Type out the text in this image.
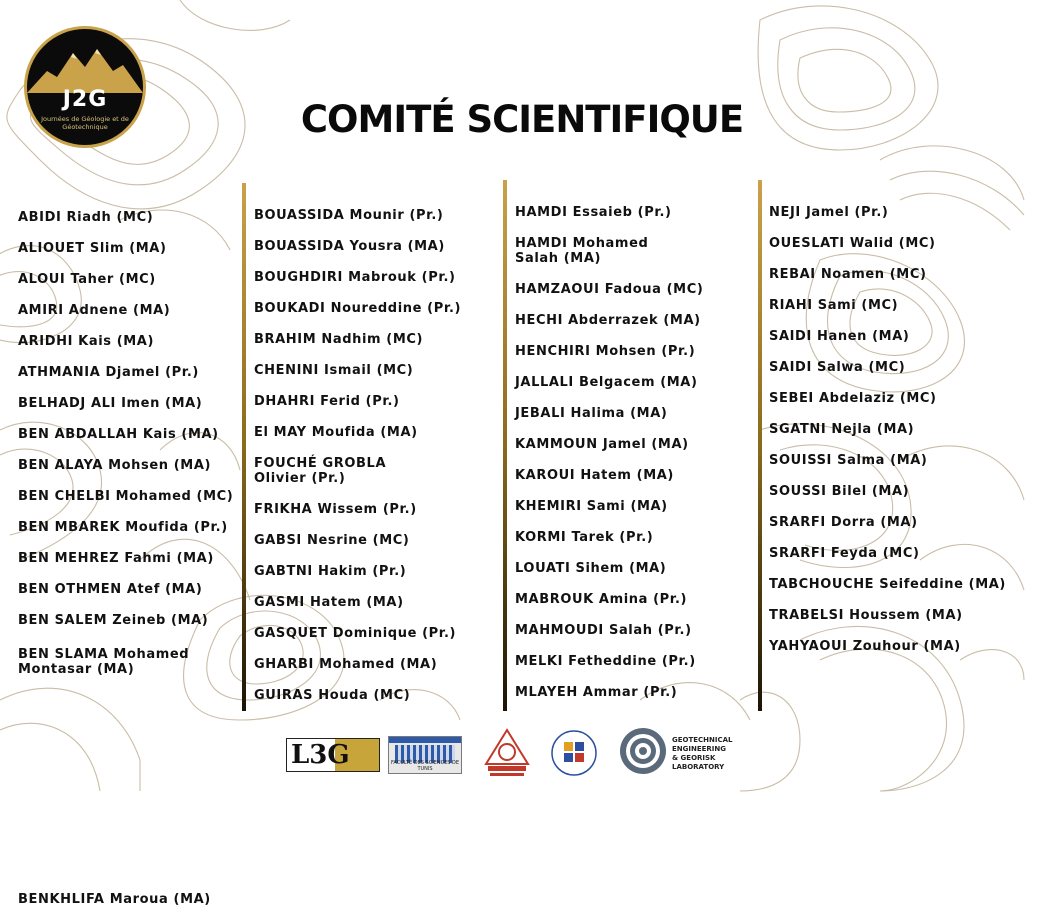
J2G
Journées de Géologie et de Géotechnique	COMITÉ SCIENTIFIQUE
ABIDI Riadh (MC)
ALIOUET Slim (MA)
ALOUI Taher (MC)
AMIRI Adnene (MA)
ARIDHI Kais (MA)
ATHMANIA Djamel (Pr.)
BELHADJ ALI Imen (MA)
BEN ABDALLAH Kais (MA)
BEN ALAYA Mohsen (MA)
BEN CHELBI Mohamed (MC)
BEN MBAREK Moufida (Pr.)
BEN MEHREZ Fahmi (MA)
BEN OTHMEN Atef (MA)
BEN SALEM Zeineb (MA)
BEN SLAMA Mohamed
Montasar (MA)
BENKHLIFA Maroua (MA)
BOUASSIDA Mounir (Pr.)
BOUASSIDA Yousra (MA)
BOUGHDIRI Mabrouk (Pr.)
BOUKADI Noureddine (Pr.)
BRAHIM Nadhim (MC)
CHENINI Ismail (MC)
DHAHRI Ferid (Pr.)
El MAY Moufida (MA)
FOUCHÉ GROBLA
Olivier (Pr.)
FRIKHA Wissem (Pr.)
GABSI Nesrine (MC)
GABTNI Hakim (Pr.)
GASMI Hatem (MA)
GASQUET Dominique (Pr.)
GHARBI Mohamed (MA)
GUIRAS Houda (MC)
HAMDI Essaieb (Pr.)
HAMDI Mohamed
Salah (MA)
HAMZAOUI Fadoua (MC)
HECHI Abderrazek (MA)
HENCHIRI Mohsen (Pr.)
JALLALI Belgacem (MA)
JEBALI Halima (MA)
KAMMOUN Jamel (MA)
KAROUI Hatem (MA)
KHEMIRI Sami (MA)
KORMI Tarek (Pr.)
LOUATI Sihem (MA)
MABROUK Amina (Pr.)
MAHMOUDI Salah (Pr.)
MELKI Fetheddine (Pr.)
MLAYEH Ammar (Pr.)
NEJI Jamel (Pr.)
OUESLATI Walid (MC)
REBAI Noamen (MC)
RIAHI Sami (MC)
SAIDI Hanen (MA)
SAIDI Salwa (MC)
SEBEI Abdelaziz (MC)
SGATNI Nejla (MA)
SOUISSI Salma (MA)
SOUSSI Bilel (MA)
SRARFI Dorra (MA)
SRARFI Feyda (MC)
TABCHOUCHE Seifeddine (MA)
TRABELSI Houssem (MA)
YAHYAOUI Zouhour (MA)
L3G	FACULTÉ DES SCIENCES DE TUNIS
GEOTECHNICAL
ENGINEERING
& GEORISK
LABORATORY
